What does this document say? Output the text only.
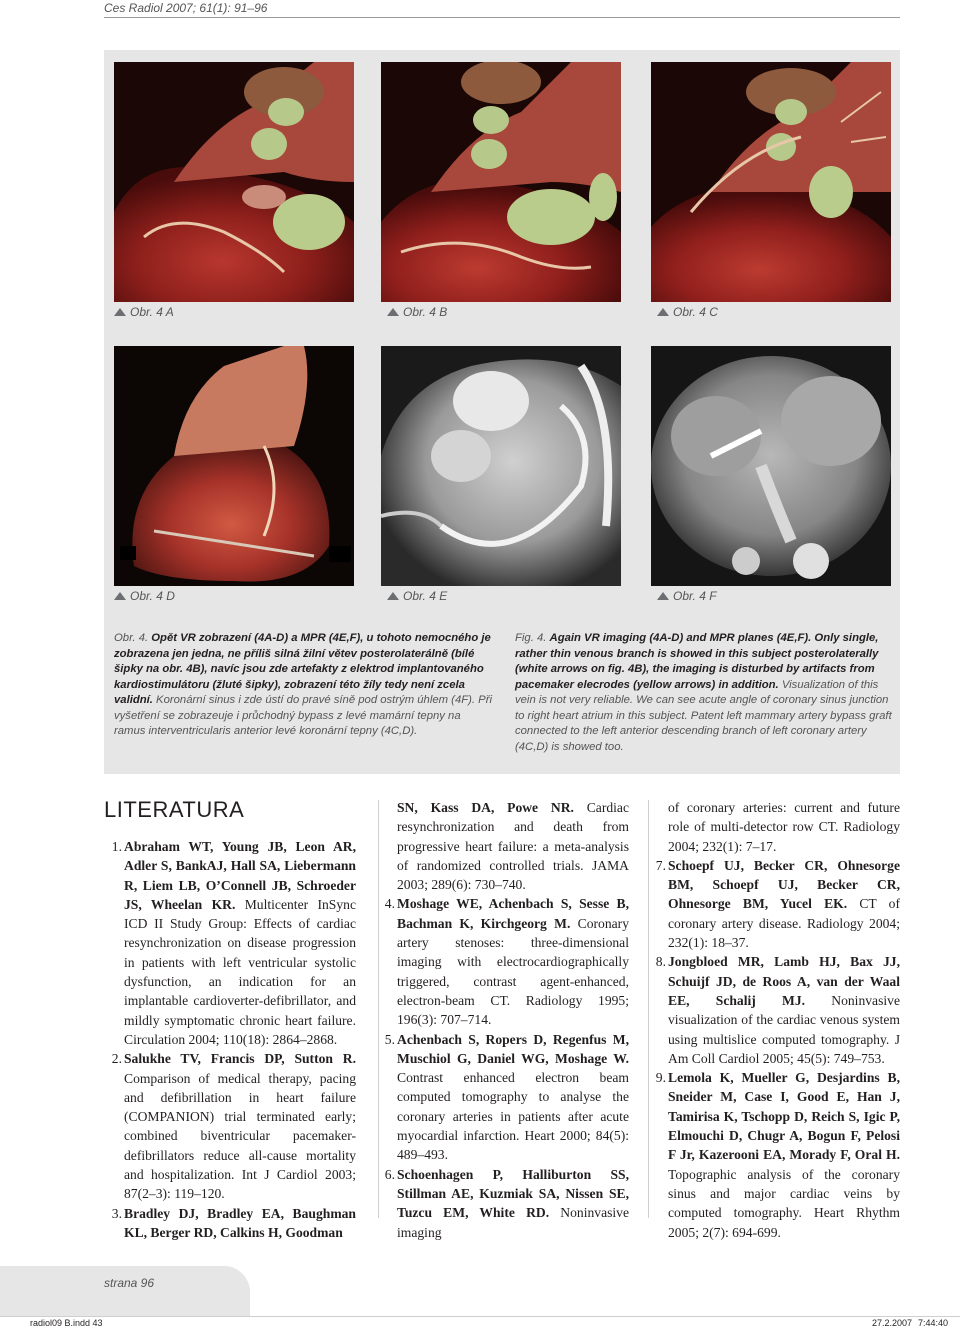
Ces Radiol 2007; 61(1): 91–96
Obr. 4 A	Obr. 4 B	Obr. 4 C
Obr. 4 D	Obr. 4 E	Obr. 4 F
Obr. 4. Opět VR zobrazení (4A-D) a MPR (4E,F), u tohoto nemocného je zobrazena jen jedna, ne příliš silná žilní větev posterolaterálně (bílé šipky na obr. 4B), navíc jsou zde artefakty z elektrod implantovaného kardiostimulátoru (žluté šipky), zobrazení této žíly tedy není zcela validní. Koronární sinus i zde ústí do pravé síně pod ostrým úhlem (4F). Při vyšetření se zobrazeuje i průchodný bypass z levé mamární tepny na ramus interventricularis anterior levé koronární tepny (4C,D).
Fig. 4. Again VR imaging (4A-D) and MPR planes (4E,F). Only single, rather thin venous branch is showed in this subject posterolaterally (white arrows on fig. 4B), the imaging is disturbed by artifacts from pacemaker elecrodes (yellow arrows) in addition. Visualization of this vein is not very reliable. We can see acute angle of coronary sinus junction to right heart atrium in this subject. Patent left mammary artery bypass graft connected to the left anterior descending branch of left coronary artery (4C,D) is showed too.
LITERATURA

1. Abraham WT, Young JB, Leon AR, Adler S, BankAJ, Hall SA, Liebermann R, Liem LB, O’Connell JB, Schroeder JS, Wheelan KR. Multicenter InSync ICD II Study Group: Effects of cardiac resynchronization on disease progression in patients with left ventricular systolic dysfunction, an indication for an implantable cardioverter-defibrillator, and mildly symptomatic chronic heart failure. Circulation 2004; 110(18): 2864–2868.

2. Salukhe TV, Francis DP, Sutton R. Comparison of medical therapy, pacing and defibrillation in heart failure (COMPANION) trial terminated early; combined biventricular pacemaker-defibrillators reduce all-cause mortality and hospitalization. Int J Cardiol 2003; 87(2–3): 119–120.

3. Bradley DJ, Bradley EA, Baughman KL, Berger RD, Calkins H, Goodman

SN, Kass DA, Powe NR. Cardiac resynchronization and death from progressive heart failure: a meta-analysis of randomized controlled trials. JAMA 2003; 289(6): 730–740.

4. Moshage WE, Achenbach S, Sesse B, Bachman K, Kirchgeorg M. Coronary artery stenoses: three-dimensional imaging with electrocardiographically triggered, contrast agent-enhanced, electron-beam CT. Radiology 1995; 196(3): 707–714.

5. Achenbach S, Ropers D, Regenfus M, Muschiol G, Daniel WG, Moshage W. Contrast enhanced electron beam computed tomography to analyse the coronary arteries in patients after acute myocardial infarction. Heart 2000; 84(5): 489–493.

6. Schoenhagen P, Halliburton SS, Stillman AE, Kuzmiak SA, Nissen SE, Tuzcu EM, White RD. Noninvasive imaging

of coronary arteries: current and future role of multi-detector row CT. Radiology 2004; 232(1): 7–17.

7. Schoepf UJ, Becker CR, Ohnesorge BM, Schoepf UJ, Becker CR, Ohnesorge BM, Yucel EK. CT of coronary artery disease. Radiology 2004; 232(1): 18–37.

8. Jongbloed MR, Lamb HJ, Bax JJ, Schuijf JD, de Roos A, van der Waal EE, Schalij MJ. Noninvasive visualization of the cardiac venous system using multislice computed tomography. J Am Coll Cardiol 2005; 45(5): 749–753.

9. Lemola K, Mueller G, Desjardins B, Sneider M, Case I, Good E, Han J, Tamirisa K, Tschopp D, Reich S, Igic P, Elmouchi D, Chugr A, Bogun F, Pelosi F Jr, Kazerooni EA, Morady F, Oral H. Topographic analysis of the coronary sinus and major cardiac veins by computed tomography. Heart Rhythm 2005; 2(7): 694-699.

strana 96
radiol09 B.indd 43	27.2.2007 7:44:40
